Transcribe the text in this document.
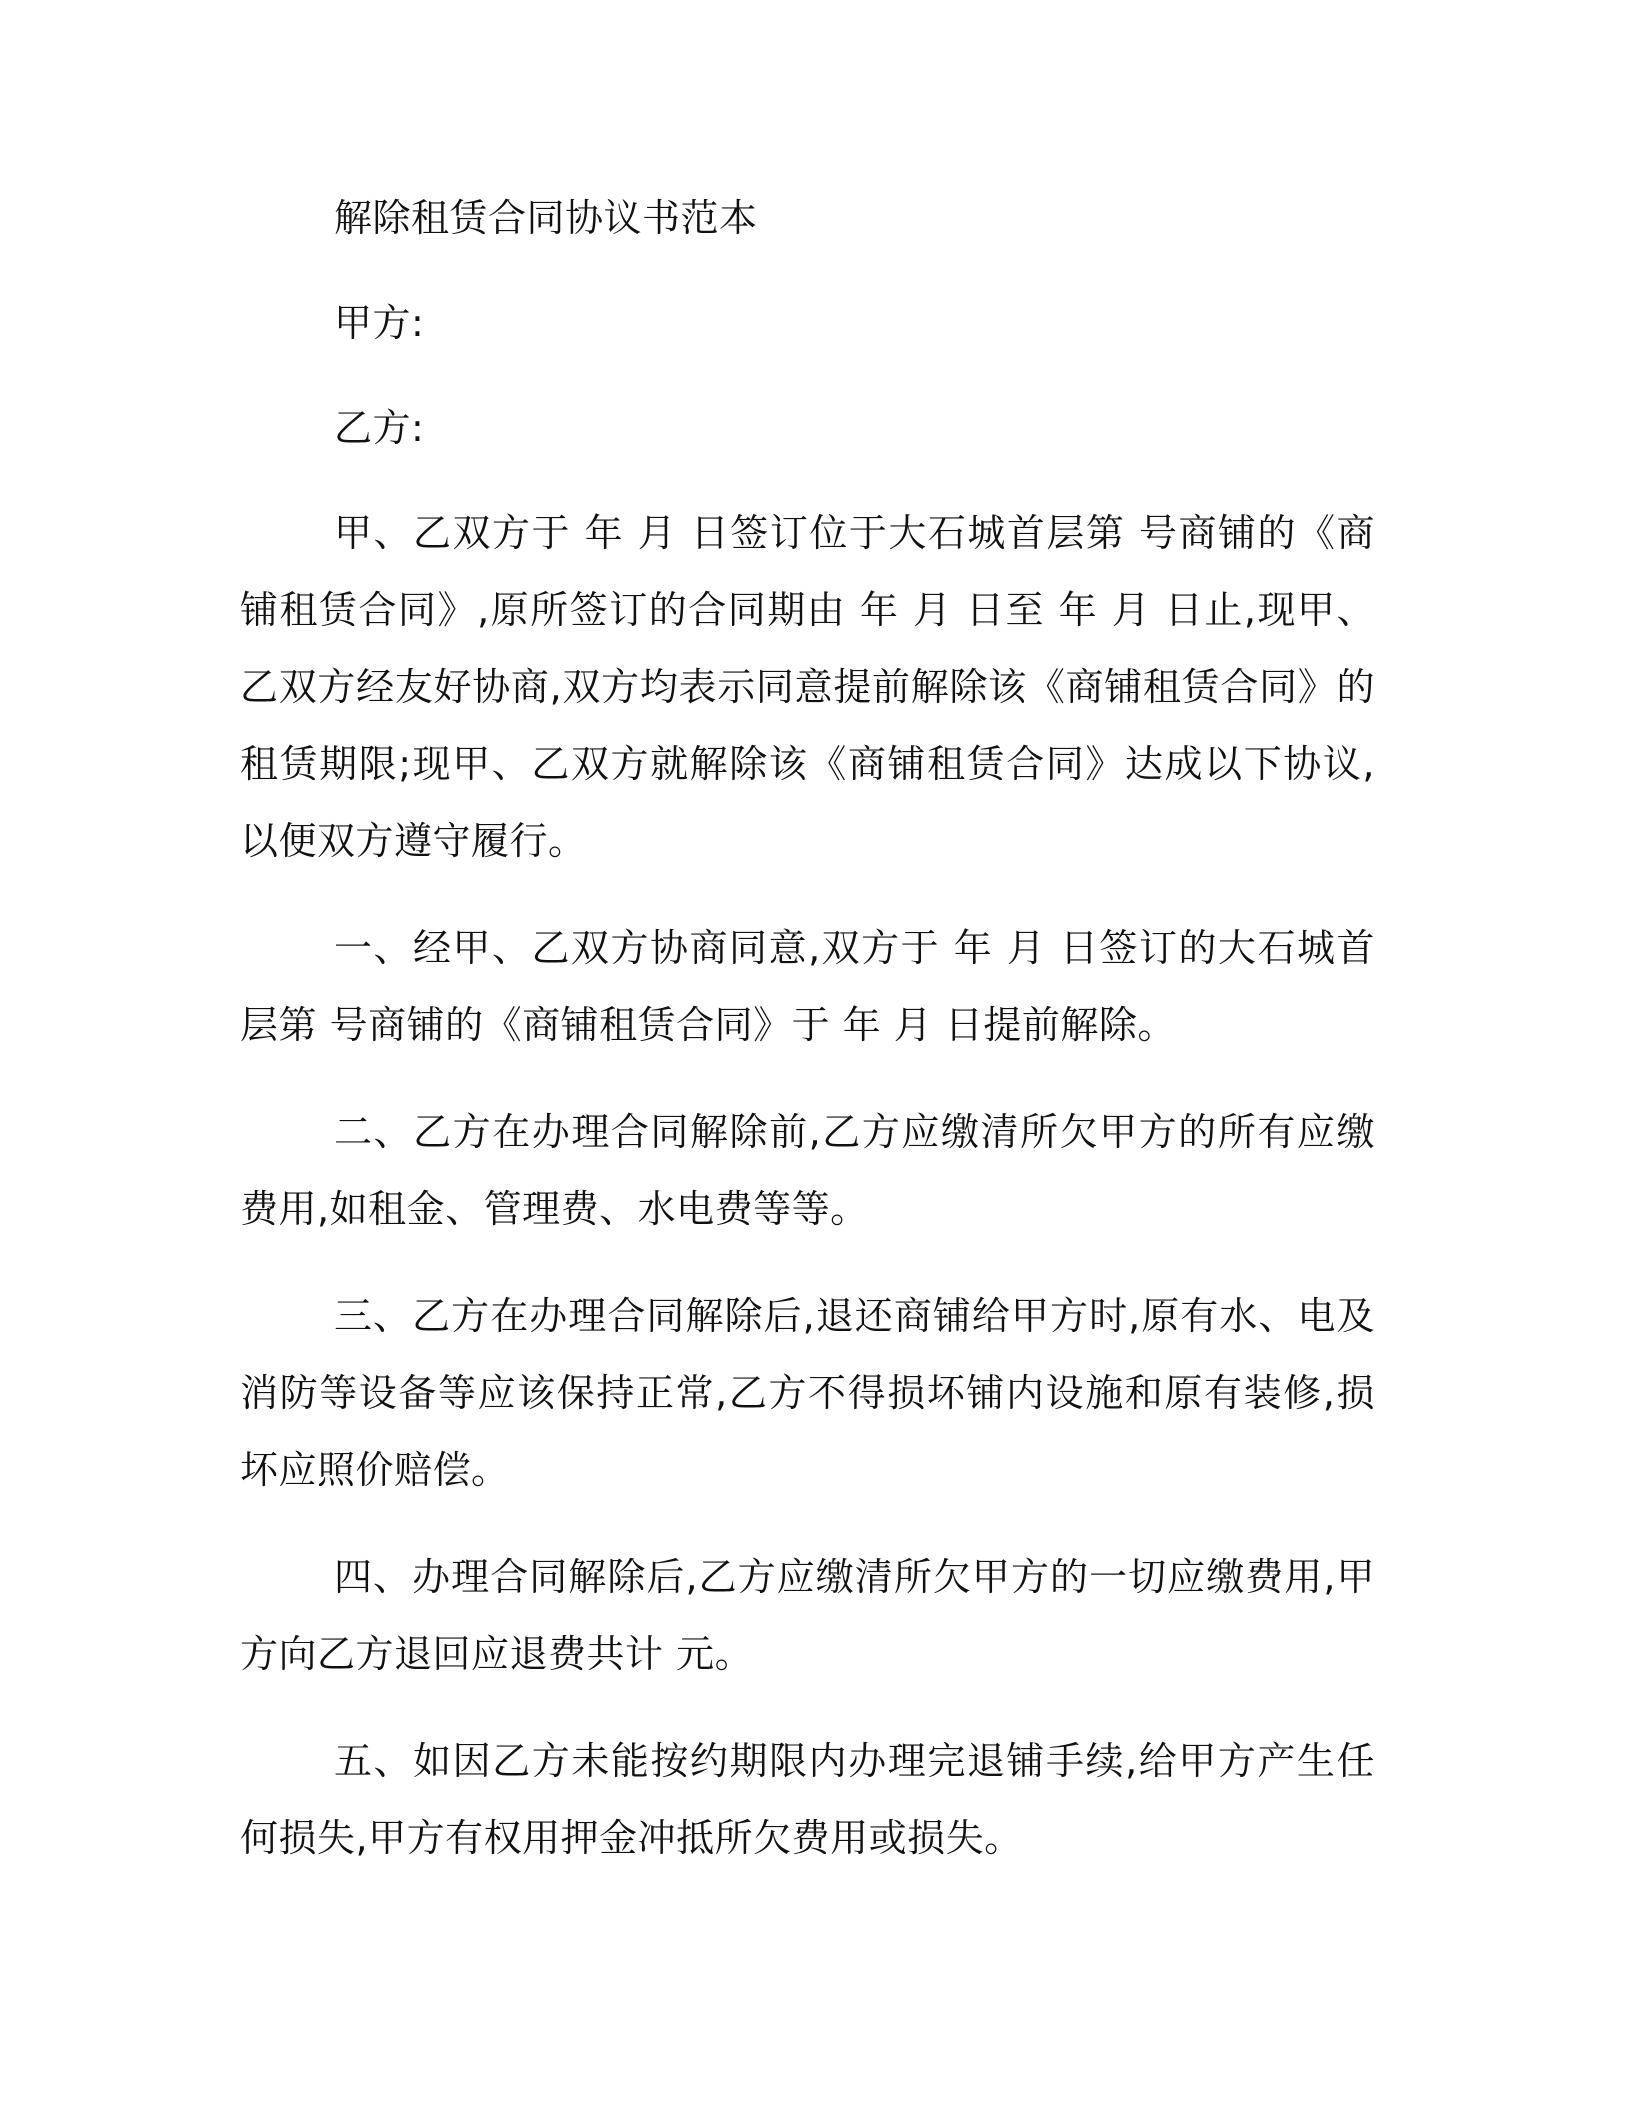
解除租赁合同协议书范本

甲方:

乙方:

甲、乙双方于 年 月 日签订位于大石城首层第 号商铺的《商铺租赁合同》,原所签订的合同期由 年 月 日至 年 月 日止,现甲、乙双方经友好协商,双方均表示同意提前解除该《商铺租赁合同》的租赁期限;现甲、乙双方就解除该《商铺租赁合同》达成以下协议,以便双方遵守履行。

一、经甲、乙双方协商同意,双方于 年 月 日签订的大石城首层第 号商铺的《商铺租赁合同》于 年 月 日提前解除。

二、乙方在办理合同解除前,乙方应缴清所欠甲方的所有应缴费用,如租金、管理费、水电费等等。

三、乙方在办理合同解除后,退还商铺给甲方时,原有水、电及消防等设备等应该保持正常,乙方不得损坏铺内设施和原有装修,损坏应照价赔偿。

四、办理合同解除后,乙方应缴清所欠甲方的一切应缴费用,甲方向乙方退回应退费共计 元。

五、如因乙方未能按约期限内办理完退铺手续,给甲方产生任何损失,甲方有权用押金冲抵所欠费用或损失。
